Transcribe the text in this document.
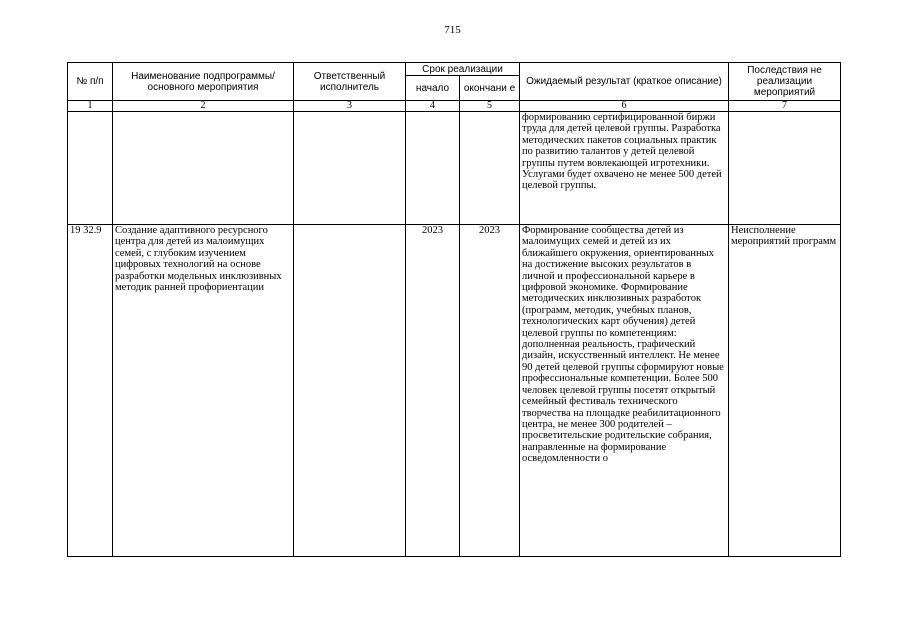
715
№ п/п	Наименование подпрограммы/ основного мероприятия	Ответственный исполнитель	Срок реализации		Ожидаемый результат (краткое описание)	Последствия не реализации мероприятий
			начало	окончани е		
1	2	3	4	5	6	7
					формированию сертифицированной биржи труда для детей целевой группы. Разработка методических пакетов социальных практик по развитию талантов у детей целевой группы путем вовлекающей игротехники. Услугами будет охвачено не менее 500 детей целевой группы.	
19 32.9	Создание адаптивного ресурсного центра для детей из малоимущих семей, с глубоким изучением цифровых технологий на основе разработки модельных инклюзивных методик ранней профориентации		2023	2023	Формирование сообщества детей из малоимущих семей и детей из их ближайшего окружения, ориентированных на достижение высоких результатов в личной и профессиональной карьере в цифровой экономике. Формирование методических инклюзивных разработок (программ, методик, учебных планов, технологических карт обучения) детей целевой группы по компетенциям: дополненная реальность, графический дизайн, искусственный интеллект. Не менее 90 детей целевой группы сформируют новые профессиональные компетенции. Более 500 человек целевой группы посетят открытый семейный фестиваль технического творчества на площадке реабилитационного центра, не менее 300 родителей – просветительские родительские собрания, направленные на формирование осведомленности о	Неисполнение мероприятий программ
